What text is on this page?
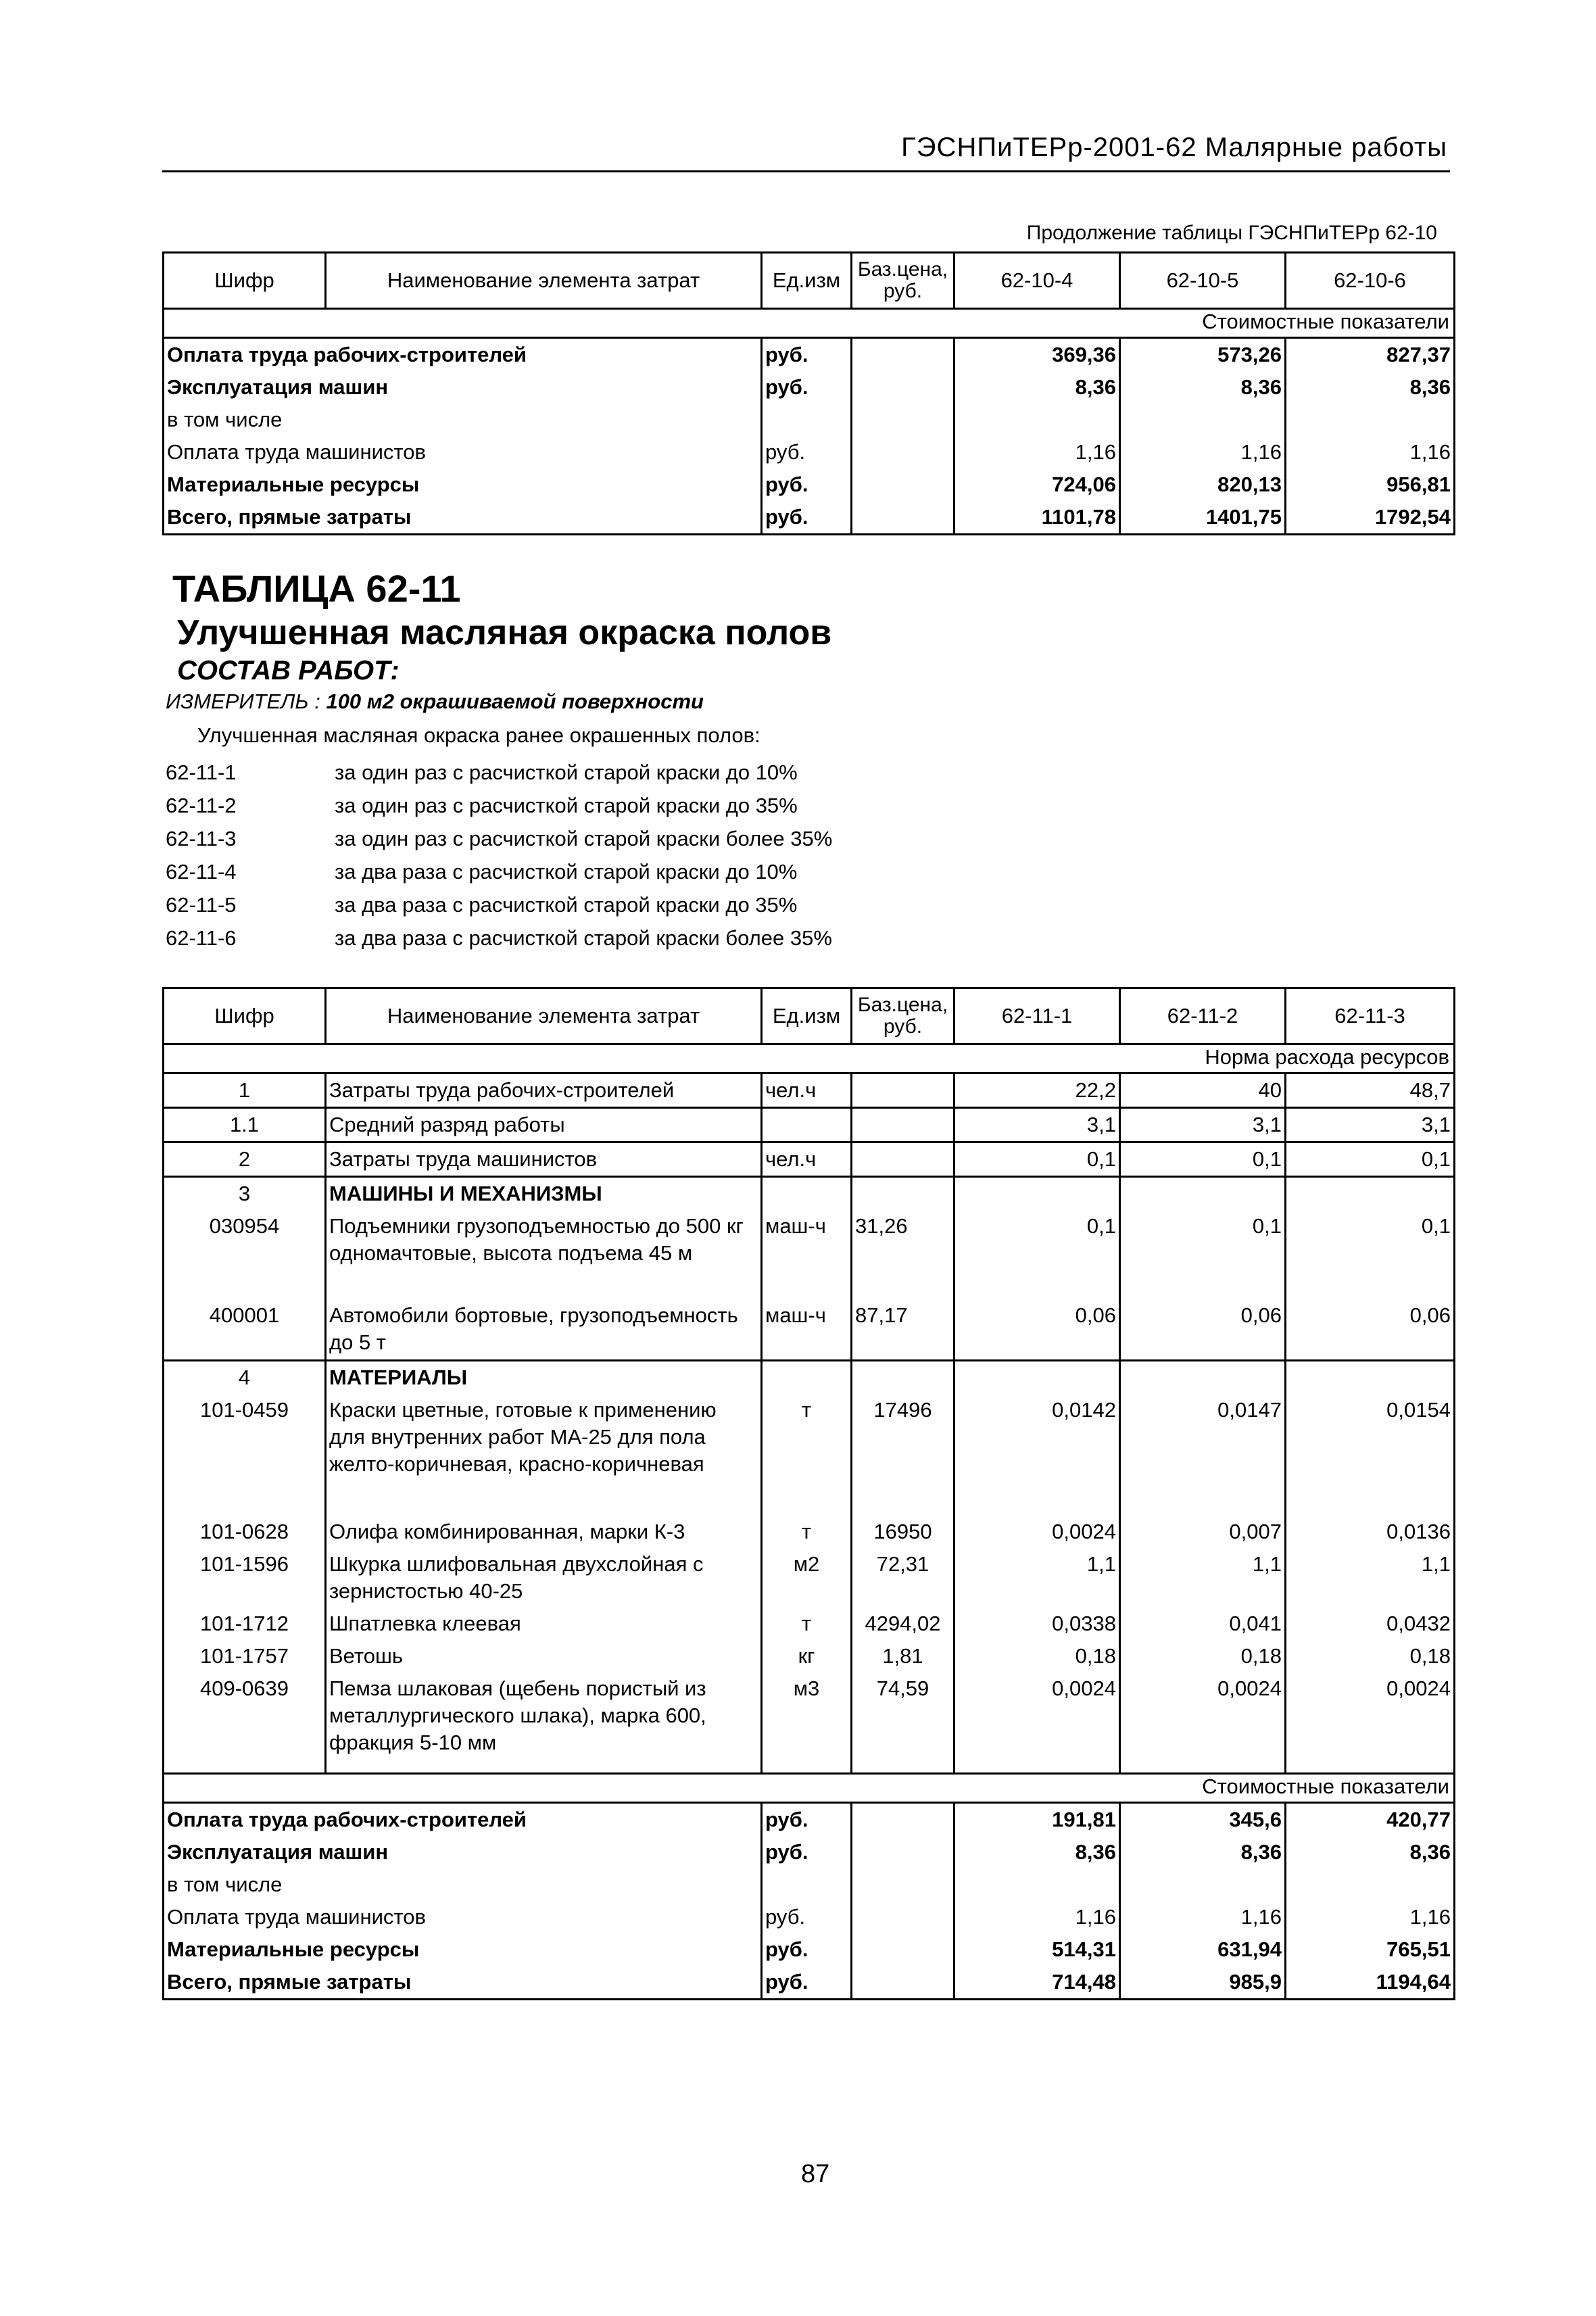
ГЭСНПиТЕРр-2001-62 Малярные работы
Продолжение таблицы ГЭСНПиТЕРр 62-10
Шифр	Наименование элемента затрат	Ед.изм	Баз.цена, руб.	62-10-4	62-10-5	62-10-6
Стоимостные показатели						
Оплата труда рабочих-строителей		руб.		369,36	573,26	827,37
Эксплуатация машин		руб.		8,36	8,36	8,36
в том числе						
Оплата труда машинистов		руб.		1,16	1,16	1,16
Материальные ресурсы		руб.		724,06	820,13	956,81
Всего, прямые затраты		руб.		1101,78	1401,75	1792,54
ТАБЛИЦА 62-11
Улучшенная масляная окраска полов
СОСТАВ РАБОТ:
ИЗМЕРИТЕЛЬ : 100 м2 окрашиваемой поверхности
Улучшенная масляная окраска ранее окрашенных полов:
62-11-1	за один раз с расчисткой старой краски до 10%
62-11-2	за один раз с расчисткой старой краски до 35%
62-11-3	за один раз с расчисткой старой краски более 35%
62-11-4	за два раза с расчисткой старой краски до 10%
62-11-5	за два раза с расчисткой старой краски до 35%
62-11-6	за два раза с расчисткой старой краски более 35%
Шифр	Наименование элемента затрат	Ед.изм	Баз.цена, руб.	62-11-1	62-11-2	62-11-3
Норма расхода ресурсов						
1	Затраты труда рабочих-строителей	чел.ч		22,2	40	48,7
1.1	Средний разряд работы			3,1	3,1	3,1
2	Затраты труда машинистов	чел.ч		0,1	0,1	0,1
3	МАШИНЫ И МЕХАНИЗМЫ					
030954	Подъемники грузоподъемностью до 500 кг одномачтовые, высота подъема 45 м	маш-ч	31,26	0,1	0,1	0,1
400001	Автомобили бортовые, грузоподъемность до 5 т	маш-ч	87,17	0,06	0,06	0,06
4	МАТЕРИАЛЫ					
101-0459	Краски цветные, готовые к применению для внутренних работ МА-25 для пола желто-коричневая, красно-коричневая	т	17496	0,0142	0,0147	0,0154
101-0628	Олифа комбинированная, марки К-3	т	16950	0,0024	0,007	0,0136
101-1596	Шкурка шлифовальная двухслойная с зернистостью 40-25	м2	72,31	1,1	1,1	1,1
101-1712	Шпатлевка клеевая	т	4294,02	0,0338	0,041	0,0432
101-1757	Ветошь	кг	1,81	0,18	0,18	0,18
409-0639	Пемза шлаковая (щебень пористый из металлургического шлака), марка 600, фракция 5-10 мм	м3	74,59	0,0024	0,0024	0,0024
Стоимостные показатели						
Оплата труда рабочих-строителей		руб.		191,81	345,6	420,77
Эксплуатация машин		руб.		8,36	8,36	8,36
в том числе						
Оплата труда машинистов		руб.		1,16	1,16	1,16
Материальные ресурсы		руб.		514,31	631,94	765,51
Всего, прямые затраты		руб.		714,48	985,9	1194,64
87
